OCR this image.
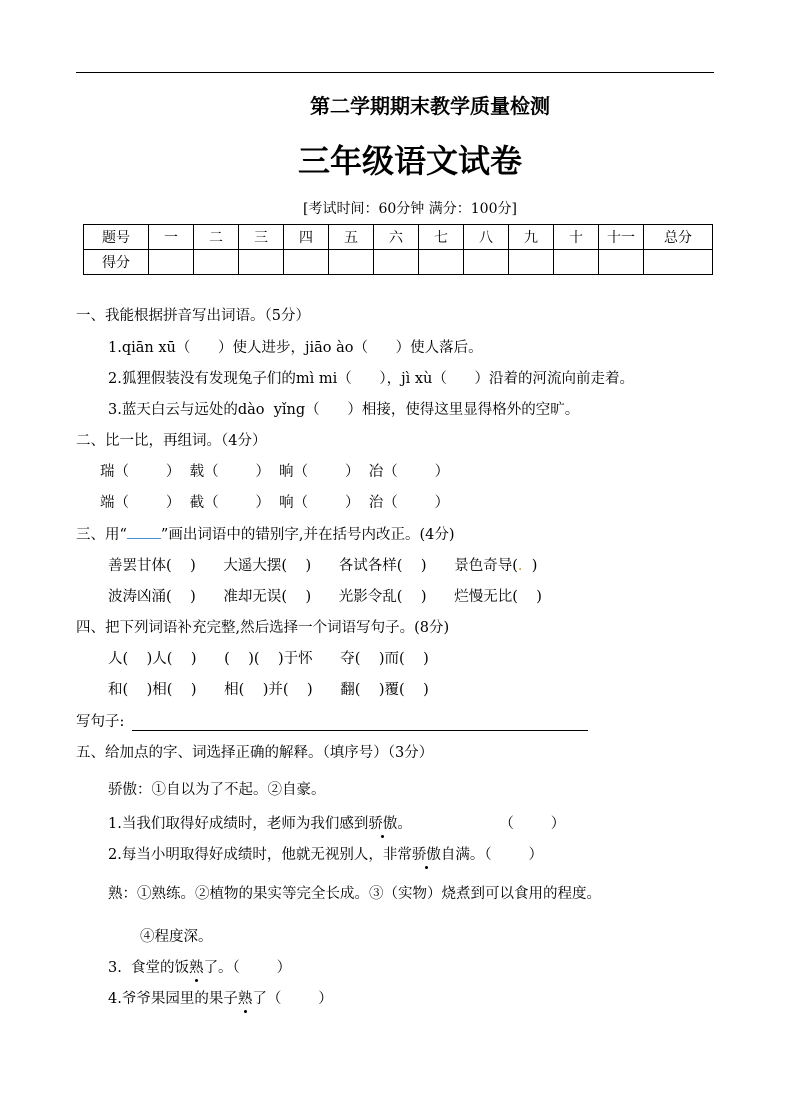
第二学期期末教学质量检测
三年级语文试卷
[考试时间：60分钟 满分：100分]
题号	一	二	三	四	五	六	七	八	九	十	十一	总分
得分												
一、我能根据拼音写出词语。（5分）
1.qiān xū（      ）使人进步，jiāo ào（      ）使人落后。
2.狐狸假装没有发现兔子们的mì mi（      ），jì xù（      ）沿着的河流向前走着。
3.蓝天白云与远处的dào  yǐng（      ）相接，使得这里显得格外的空旷。
二、比一比，再组词。（4分）
瑞（        ）  载（        ）  晌（        ）  冶（        ）
端（        ）  截（        ）  响（        ）  治（        ）
三、用“ ”画出词语中的错别字,并在括号内改正。(4分)
善罢甘体(    )      大遥大摆(    )      各试各样(    )      景色奇导(.  )
波涛凶涌(    )      准却无误(    )      光影令乱(    )      烂慢无比(    )
四、把下列词语补充完整,然后选择一个词语写句子。(8分)
人(    )人(    )      (    )(    )于怀      夺(    )而(    )
和(    )相(    )      相(    )并(    )      翻(    )覆(    )
写句子:
五、给加点的字、词选择正确的解释。（填序号）（3分）
骄傲：①自以为了不起。②自豪。
1.当我们取得好成绩时，老师为我们感到骄傲。                   （        ）
2.每当小明取得好成绩时，他就无视别人，非常骄傲自满。（        ）
熟：①熟练。②植物的果实等完全长成。③（实物）烧煮到可以食用的程度。
④程度深。
3.  食堂的饭熟了。（        ）
4.爷爷果园里的果子熟了（        ）
